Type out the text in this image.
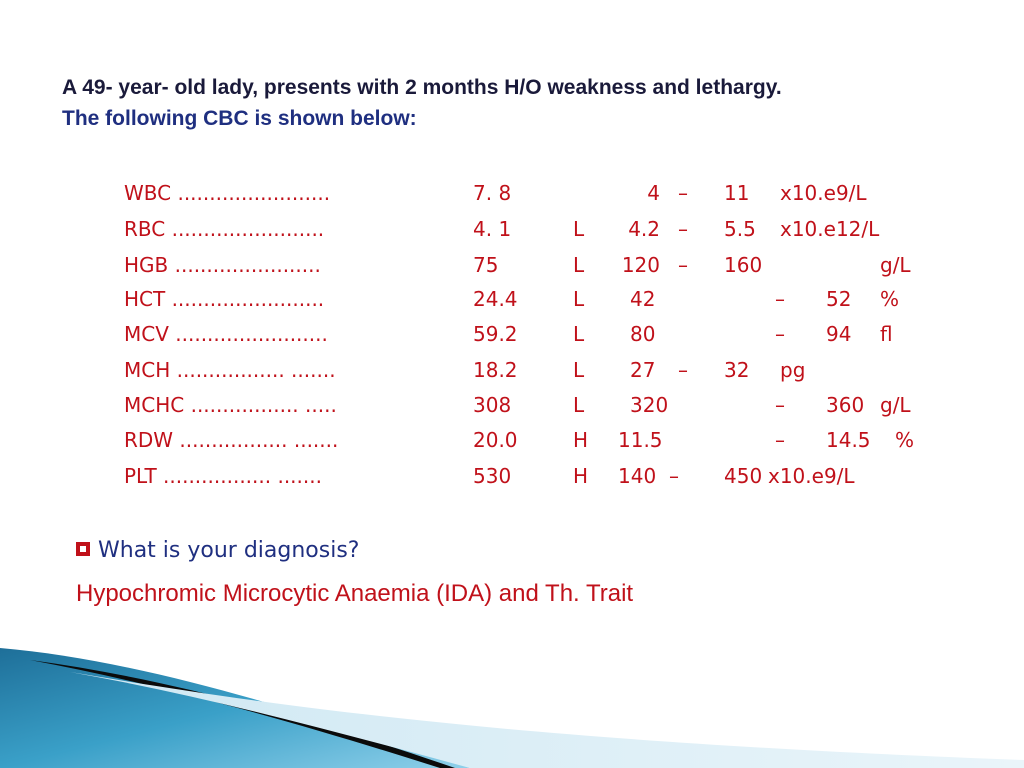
A 49- year- old lady, presents with 2 months H/O weakness and lethargy.
The following CBC is shown below:
WBC ........................	7. 8	4 – 11 x10.e9/L
RBC ........................	4. 1	L	4.2 – 5.5 x10.e12/L
HGB .......................	75	L	120 – 160	g/L
HCT ........................	24.4	L 42	– 52 %
MCV ........................	59.2	L 80	– 94 fl
MCH ................. .......	18.2	L 27 – 32 pg
MCHC ................. .....	308	L 320	– 360 g/L
RDW ................. .......	20.0	H 11.5	– 14.5 %
PLT ................. .......	530	H 140 – 450 x10.e9/L
What is your diagnosis?
Hypochromic Microcytic Anaemia (IDA) and Th. Trait
